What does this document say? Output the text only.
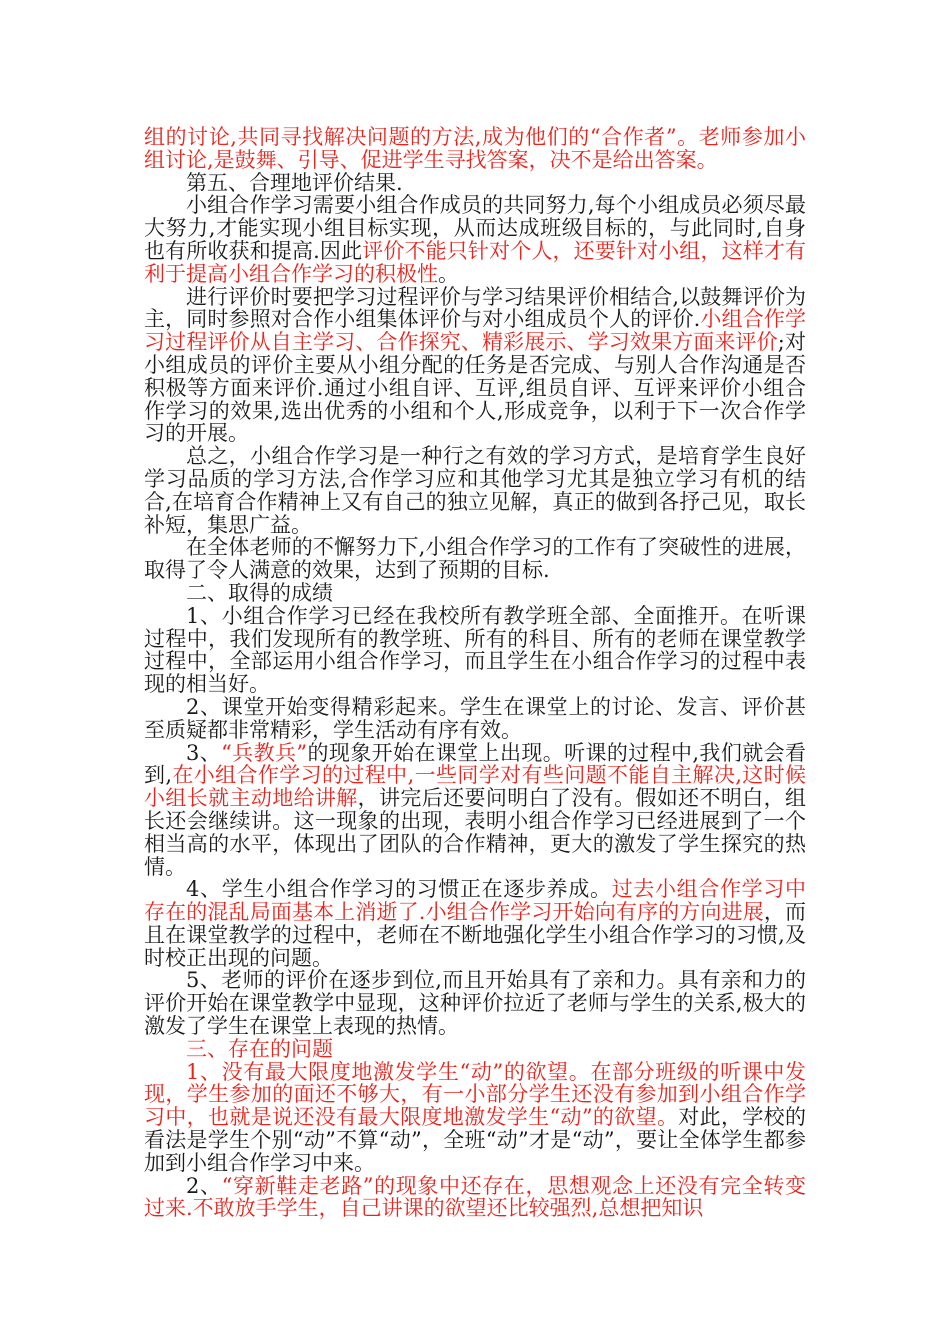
组的讨论,共同寻找解决问题的方法,成为他们的“合作者”。老师参加小组讨论,是鼓舞、引导、促进学生寻找答案，决不是给出答案。

第五、合理地评价结果.

小组合作学习需要小组合作成员的共同努力,每个小组成员必须尽最大努力,才能实现小组目标实现，从而达成班级目标的，与此同时,自身也有所收获和提高.因此评价不能只针对个人，还要针对小组，这样才有利于提高小组合作学习的积极性。

进行评价时要把学习过程评价与学习结果评价相结合,以鼓舞评价为主，同时参照对合作小组集体评价与对小组成员个人的评价.小组合作学习过程评价从自主学习、合作探究、精彩展示、学习效果方面来评价;对小组成员的评价主要从小组分配的任务是否完成、与别人合作沟通是否积极等方面来评价.通过小组自评、互评,组员自评、互评来评价小组合作学习的效果,选出优秀的小组和个人,形成竞争，以利于下一次合作学习的开展。

总之，小组合作学习是一种行之有效的学习方式，是培育学生良好学习品质的学习方法,合作学习应和其他学习尤其是独立学习有机的结合,在培育合作精神上又有自己的独立见解，真正的做到各抒己见，取长补短，集思广益。

在全体老师的不懈努力下,小组合作学习的工作有了突破性的进展，取得了令人满意的效果，达到了预期的目标.

二、取得的成绩

1、小组合作学习已经在我校所有教学班全部、全面推开。在听课过程中，我们发现所有的教学班、所有的科目、所有的老师在课堂教学过程中，全部运用小组合作学习，而且学生在小组合作学习的过程中表现的相当好。

2、课堂开始变得精彩起来。学生在课堂上的讨论、发言、评价甚至质疑都非常精彩，学生活动有序有效。

3、“兵教兵”的现象开始在课堂上出现。听课的过程中,我们就会看到,在小组合作学习的过程中,一些同学对有些问题不能自主解决,这时候小组长就主动地给讲解，讲完后还要问明白了没有。假如还不明白，组长还会继续讲。这一现象的出现，表明小组合作学习已经进展到了一个相当高的水平，体现出了团队的合作精神，更大的激发了学生探究的热情。

4、学生小组合作学习的习惯正在逐步养成。过去小组合作学习中存在的混乱局面基本上消逝了.小组合作学习开始向有序的方向进展，而且在课堂教学的过程中，老师在不断地强化学生小组合作学习的习惯,及时校正出现的问题。

5、老师的评价在逐步到位,而且开始具有了亲和力。具有亲和力的评价开始在课堂教学中显现，这种评价拉近了老师与学生的关系,极大的激发了学生在课堂上表现的热情。

三、存在的问题

1、没有最大限度地激发学生“动”的欲望。在部分班级的听课中发现，学生参加的面还不够大，有一小部分学生还没有参加到小组合作学习中，也就是说还没有最大限度地激发学生“动”的欲望。对此，学校的看法是学生个别“动”不算“动”，全班“动”才是“动”，要让全体学生都参加到小组合作学习中来。

2、“穿新鞋走老路”的现象中还存在，思想观念上还没有完全转变过来.不敢放手学生，自己讲课的欲望还比较强烈,总想把知识
